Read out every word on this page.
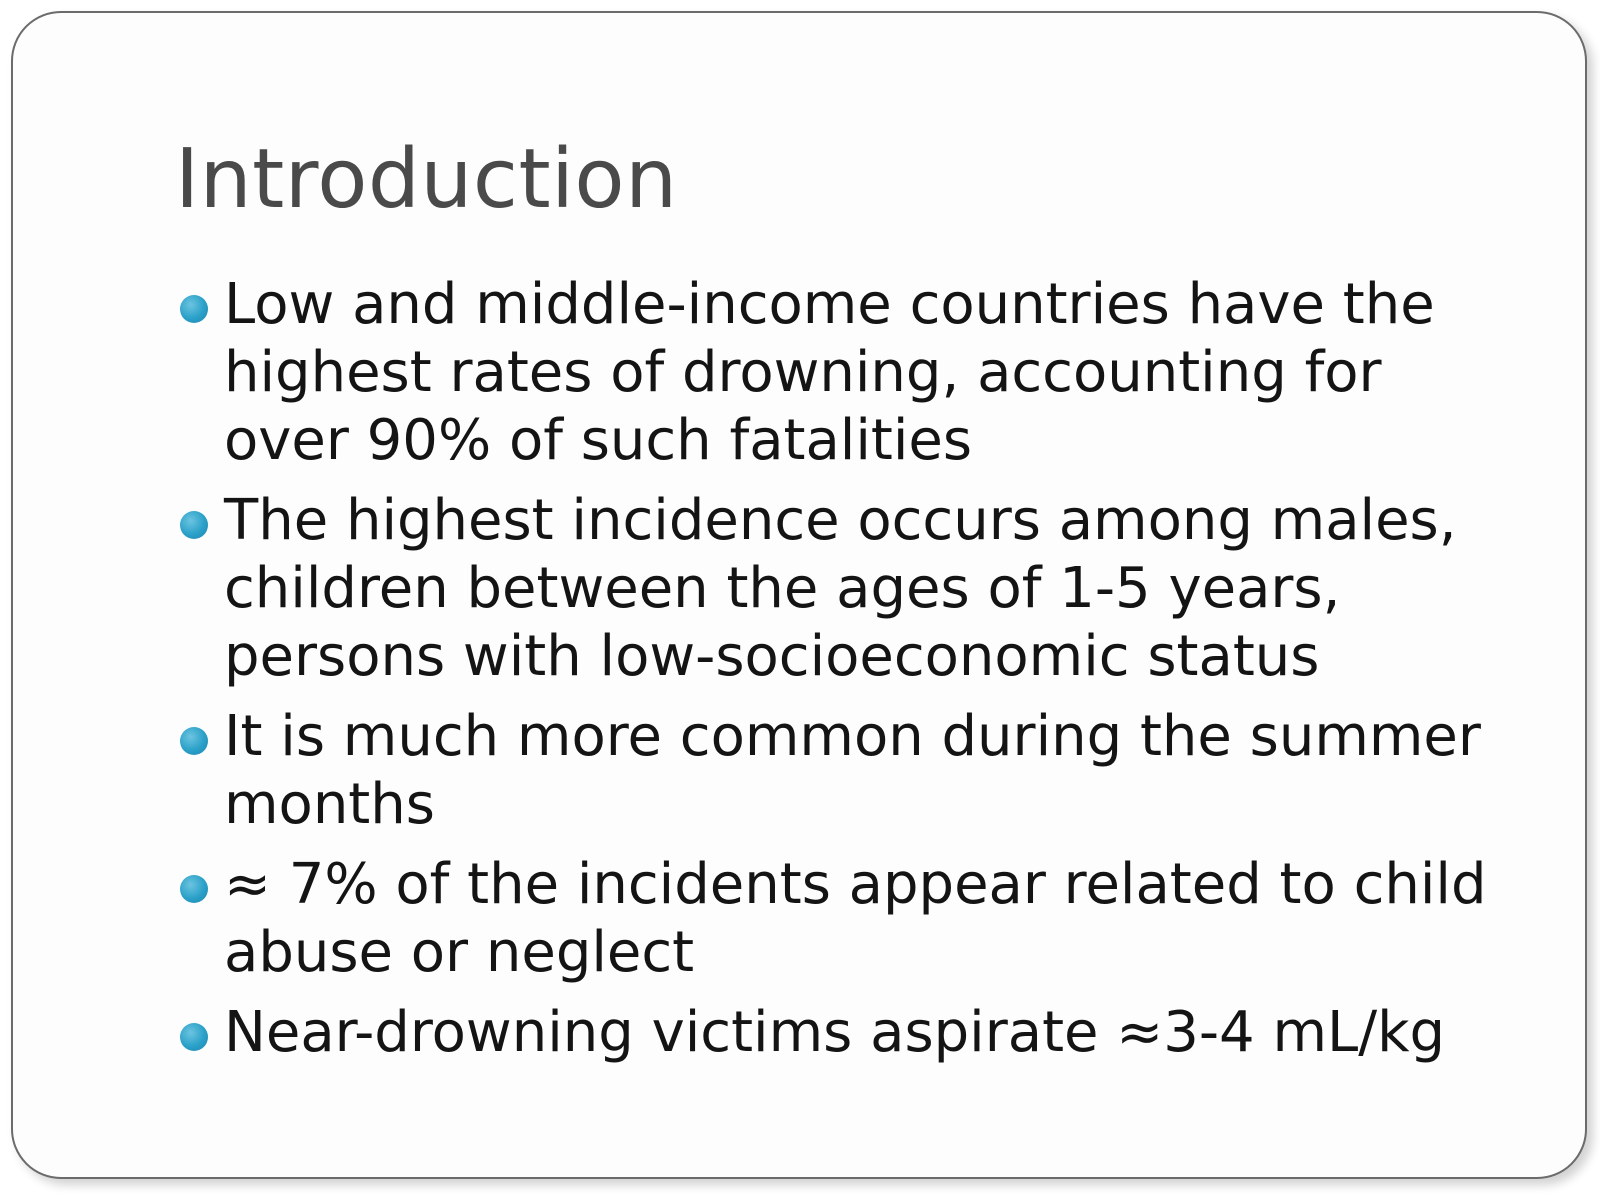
Introduction
Low and middle-income countries have the highest rates of drowning, accounting for over 90% of such fatalities
The highest incidence occurs among males, children between the ages of 1-5 years, persons with low-socioeconomic status
It is much more common during the summer months
≈ 7% of the incidents appear related to child abuse or neglect
Near-drowning victims aspirate ≈3-4 mL/kg
